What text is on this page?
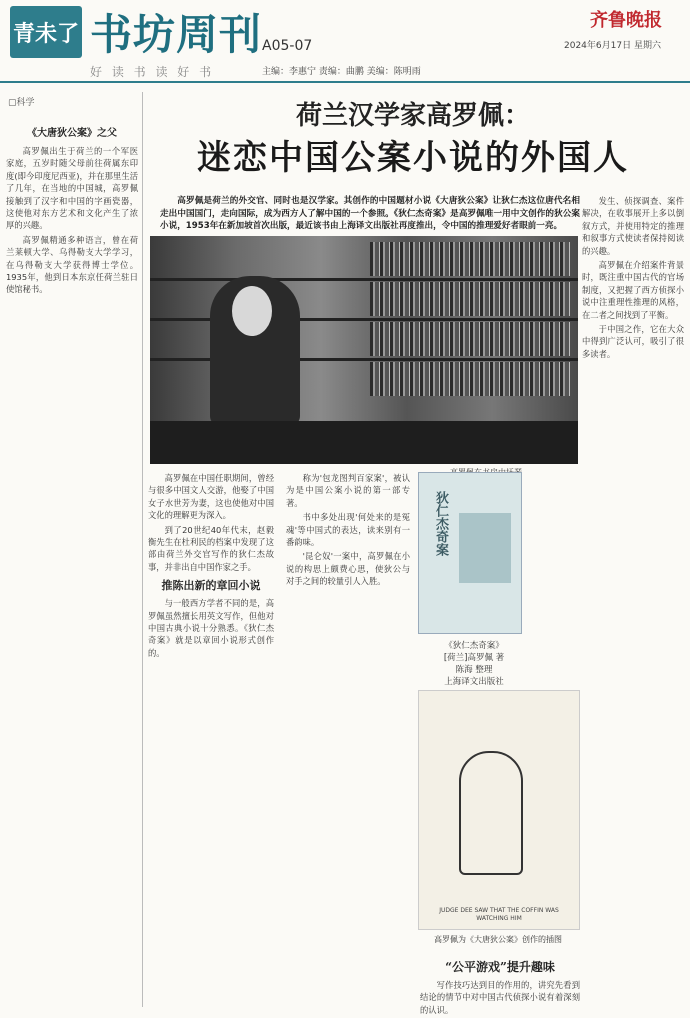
青未了 书坊周刊 A05-07
好 读 书 读 好 书	主编：李惠宁 责编：曲鹏 美编：陈明雨
齐鲁晚报
2024年6月17日 星期六
▢科学
《大唐狄公案》之父

高罗佩出生于荷兰的一个军医家庭，五岁时随父母前往荷属东印度(即今印度尼西亚)，并在那里生活了几年，在当地的中国城，高罗佩接触到了汉字和中国的字画瓷器，这使他对东方艺术和文化产生了浓厚的兴趣。

高罗佩精通多种语言，曾在荷兰莱顿大学、乌得勒支大学学习，在乌得勒支大学获得博士学位。1935年，他到日本东京任荷兰驻日使馆秘书。

荷兰汉学家高罗佩：
迷恋中国公案小说的外国人
高罗佩是荷兰的外交官、同时也是汉学家。其创作的中国题材小说《大唐狄公案》让狄仁杰这位唐代名相走出中国国门，走向国际，成为西方人了解中国的一个参照。《狄仁杰奇案》是高罗佩唯一用中文创作的狄公案小说，1953年在新加坡首次出版，最近该书由上海译文出版社再度推出，令中国的推理爱好者眼前一亮。

高罗佩在中国任职期间，曾经与很多中国文人交游，他娶了中国女子水世芳为妻，这也使他对中国文化的理解更为深入。

到了20世纪40年代末，赵毅衡先生在杜利民的档案中发现了这部由荷兰外交官写作的狄仁杰故事，并非出自中国作家之手。

推陈出新的章回小说

与一般西方学者不同的是，高罗佩虽然擅长用英文写作，但他对中国古典小说十分熟悉。《狄仁杰奇案》就是以章回小说形式创作的。

称为'包龙图判百家案'，被认为是中国公案小说的第一部专著。

书中多处出现'何处来的是冤魂'等中国式的表达，读来别有一番韵味。

'昆仑奴'一案中，高罗佩在小说的构思上颇费心思，使狄公与对手之间的较量引人入胜。

狄仁杰奇案
《狄仁杰奇案》
[荷兰]高罗佩 著
陈海 整理
上海译文出版社
JUDGE DEE SAW THAT THE COFFIN WAS WATCHING HIM
高罗佩为《大唐狄公案》创作的插图
“公平游戏”提升趣味

写作技巧达到目的作用的，讲究先看到结论的情节中对中国古代侦探小说有着深刻的认识。

发生、侦探调查、案件解决，在收事展开上多以倒叙方式，并使用特定的推理和叙事方式使读者保持阅读的兴趣。

高罗佩在介绍案件背景时，既注重中国古代的官场制度，又把握了西方侦探小说中注重理性推理的风格，在二者之间找到了平衡。

于中国之作，它在大众中得到广泛认可，吸引了很多读者。
